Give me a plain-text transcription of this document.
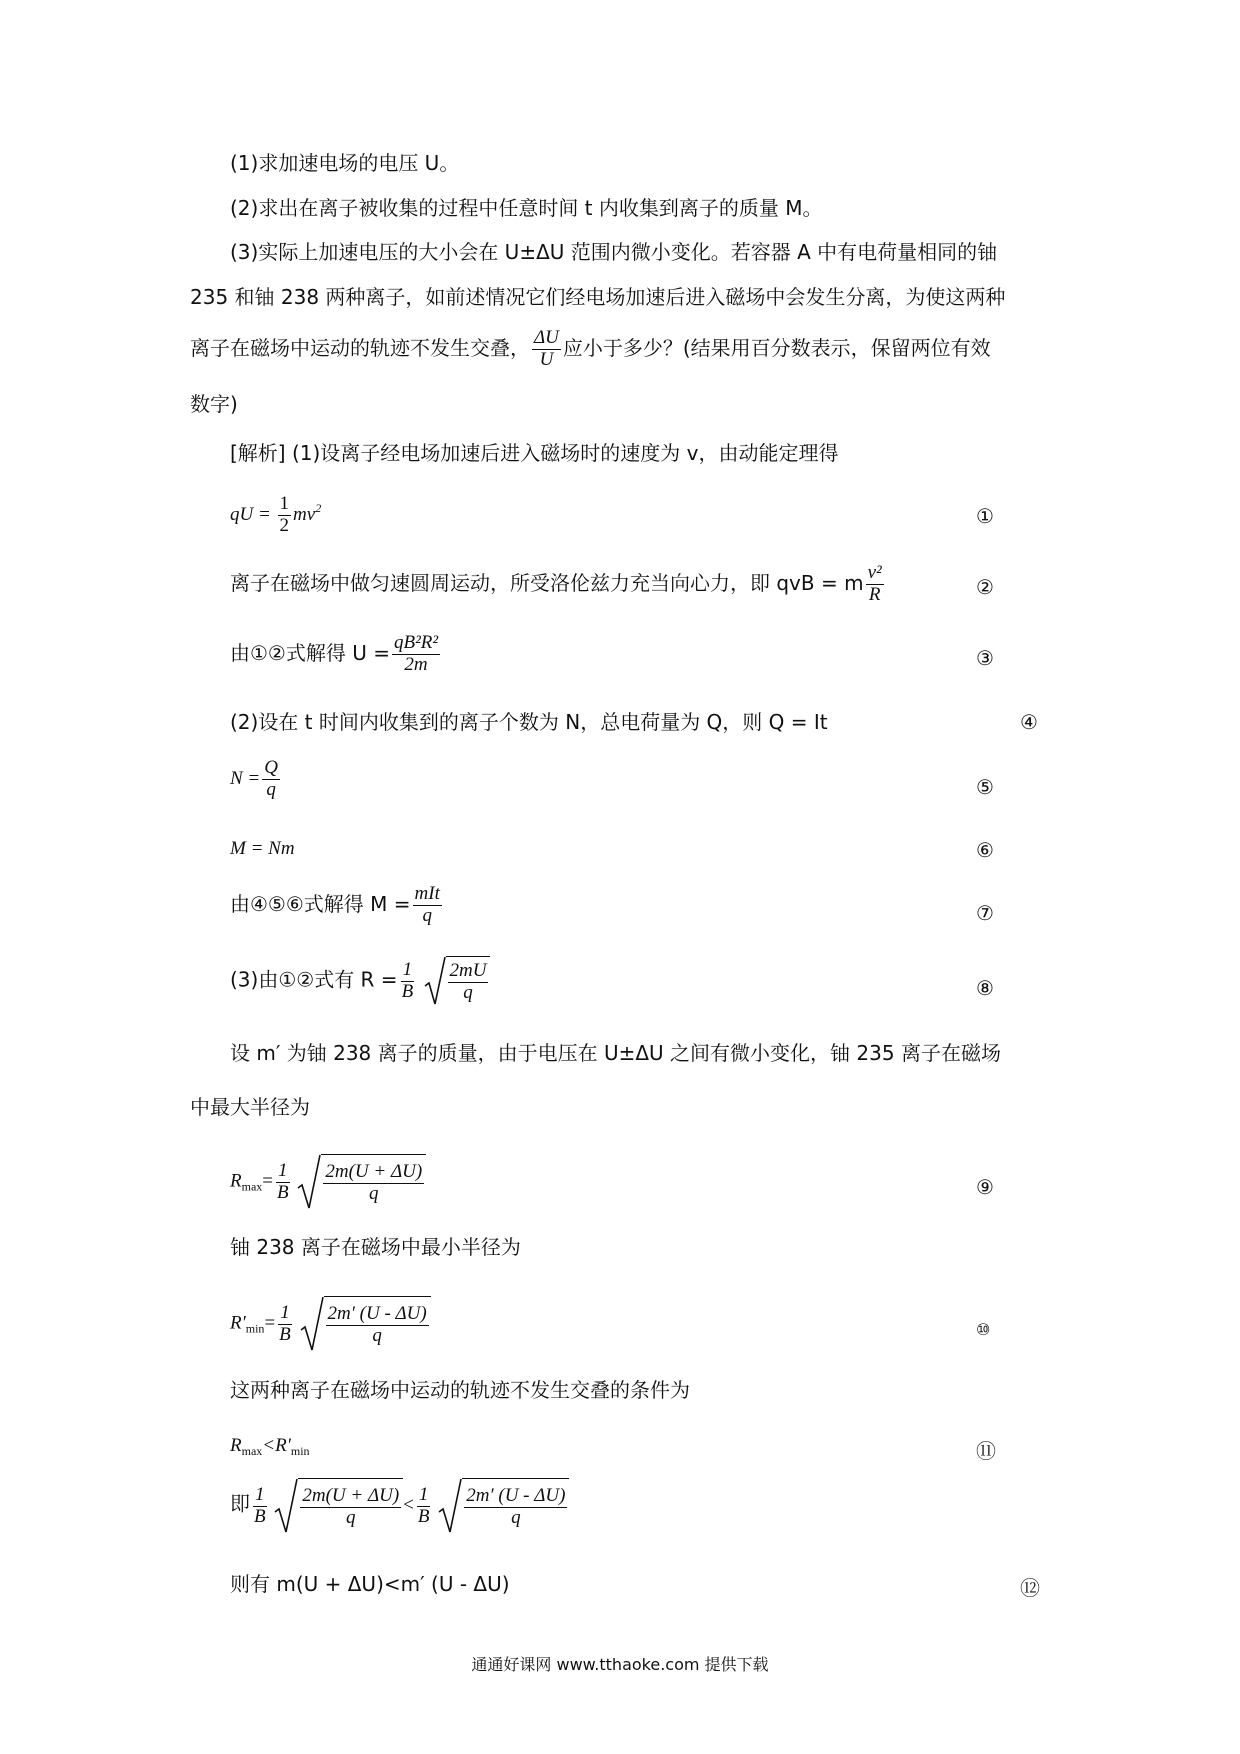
(1)求加速电场的电压 U。
(2)求出在离子被收集的过程中任意时间 t 内收集到离子的质量 M。
(3)实际上加速电压的大小会在 U±ΔU 范围内微小变化。若容器 A 中有电荷量相同的铀
235 和铀 238 两种离子，如前述情况它们经电场加速后进入磁场中会发生分离，为使这两种
离子在磁场中运动的轨迹不发生交叠， $\frac{\Delta U}{U}$ 应小于多少？(结果用百分数表示，保留两位有效
数字)
[解析] (1)设离子经电场加速后进入磁场时的速度为 v，由动能定理得
qU = $\frac{1}{2} mv^2$	①
离子在磁场中做匀速圆周运动，所受洛伦兹力充当向心力，即 qvB = m $\frac{\text{v²}}{R}$	②
由①②式解得 $U = \frac{\text{qB²R²}}{2m}$	③
(2)设在 t 时间内收集到的离子个数为 N，总电荷量为 Q，则 Q = It	④
$N = \frac{Q}{q}$	⑤
M = Nm	⑥
由④⑤⑥式解得 $M = \frac{\text{mIt}}{q}$	⑦
(3)由①②式有 $R = \frac{1}{B}$
$\frac{2mU}{q}$	⑧
设 m′ 为铀 238 离子的质量，由于电压在 U±ΔU 之间有微小变化，铀 235 离子在磁场
中最大半径为
$R_{max}= \frac{1}{B}$
$\frac{2m(U + \Delta U)}{q}$	⑨
铀 238 离子在磁场中最小半径为
$R'_{min}= \frac{1}{B}$
$\frac{2m' (U - \Delta U)}{q}$	⑩
这两种离子在磁场中运动的轨迹不发生交叠的条件为
$R_{max}<R'_{min}$	⑪
即 $\frac{1}{B}$
$\frac{2m(U + \Delta U)}{q} < \frac{1}{B}$
$\frac{2m' (U - \Delta U)}{q}$
则有 m(U + ΔU)<m′ (U - ΔU)	⑫
通通好课网 www.tthaoke.com 提供下载
